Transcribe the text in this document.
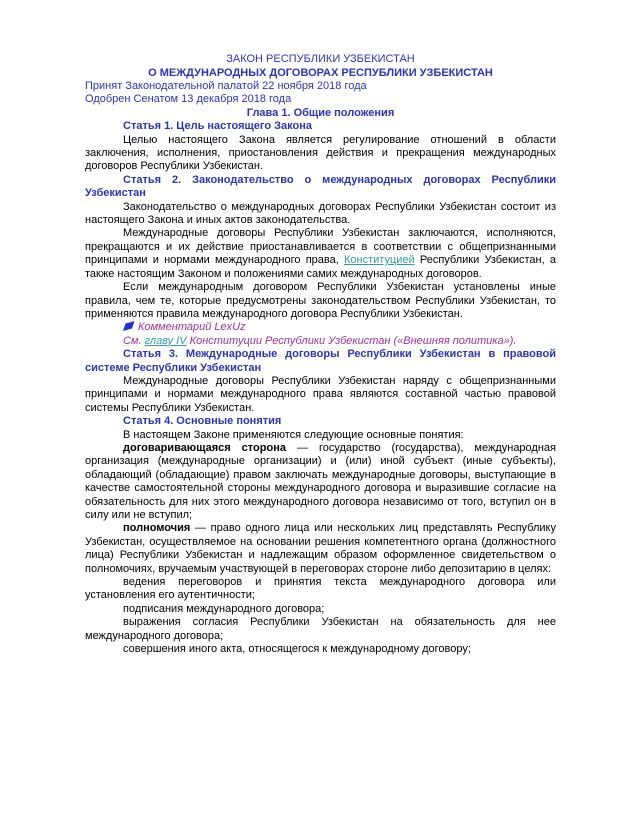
ЗАКОН РЕСПУБЛИКИ УЗБЕКИСТАН
О МЕЖДУНАРОДНЫХ ДОГОВОРАХ РЕСПУБЛИКИ УЗБЕКИСТАН

Принят Законодательной палатой 22 ноября 2018 года

Одобрен Сенатом 13 декабря 2018 года

Глава 1. Общие положения

Статья 1. Цель настоящего Закона

Целью настоящего Закона является регулирование отношений в области заключения, исполнения, приостановления действия и прекращения международных договоров Республики Узбекистан.

Статья 2. Законодательство о международных договорах Республики Узбекистан

Законодательство о международных договорах Республики Узбекистан состоит из настоящего Закона и иных актов законодательства.

Международные договоры Республики Узбекистан заключаются, исполняются, прекращаются и их действие приостанавливается в соответствии с общепризнанными принципами и нормами международного права, Конституцией Республики Узбекистан, а также настоящим Законом и положениями самих международных договоров.

Если международным договором Республики Узбекистан установлены иные правила, чем те, которые предусмотрены законодательством Республики Узбекистан, то применяются правила международного договора Республики Узбекистан.

Комментарий LexUz

См. главу IV Конституции Республики Узбекистан («Внешняя политика»).

Статья 3. Международные договоры Республики Узбекистан в правовой системе Республики Узбекистан

Международные договоры Республики Узбекистан наряду с общепризнанными принципами и нормами международного права являются составной частью правовой системы Республики Узбекистан.

Статья 4. Основные понятия

В настоящем Законе применяются следующие основные понятия:

договаривающаяся сторона — государство (государства), международная организация (международные организации) и (или) иной субъект (иные субъекты), обладающий (обладающие) правом заключать международные договоры, выступающие в качестве самостоятельной стороны международного договора и выразившие согласие на обязательность для них этого международного договора независимо от того, вступил он в силу или не вступил;

полномочия — право одного лица или нескольких лиц представлять Республику Узбекистан, осуществляемое на основании решения компетентного органа (должностного лица) Республики Узбекистан и надлежащим образом оформленное свидетельством о полномочиях, вручаемым участвующей в переговорах стороне либо депозитарию в целях:

ведения переговоров и принятия текста международного договора или установления его аутентичности;

подписания международного договора;

выражения согласия Республики Узбекистан на обязательность для нее международного договора;

совершения иного акта, относящегося к международному договору;
